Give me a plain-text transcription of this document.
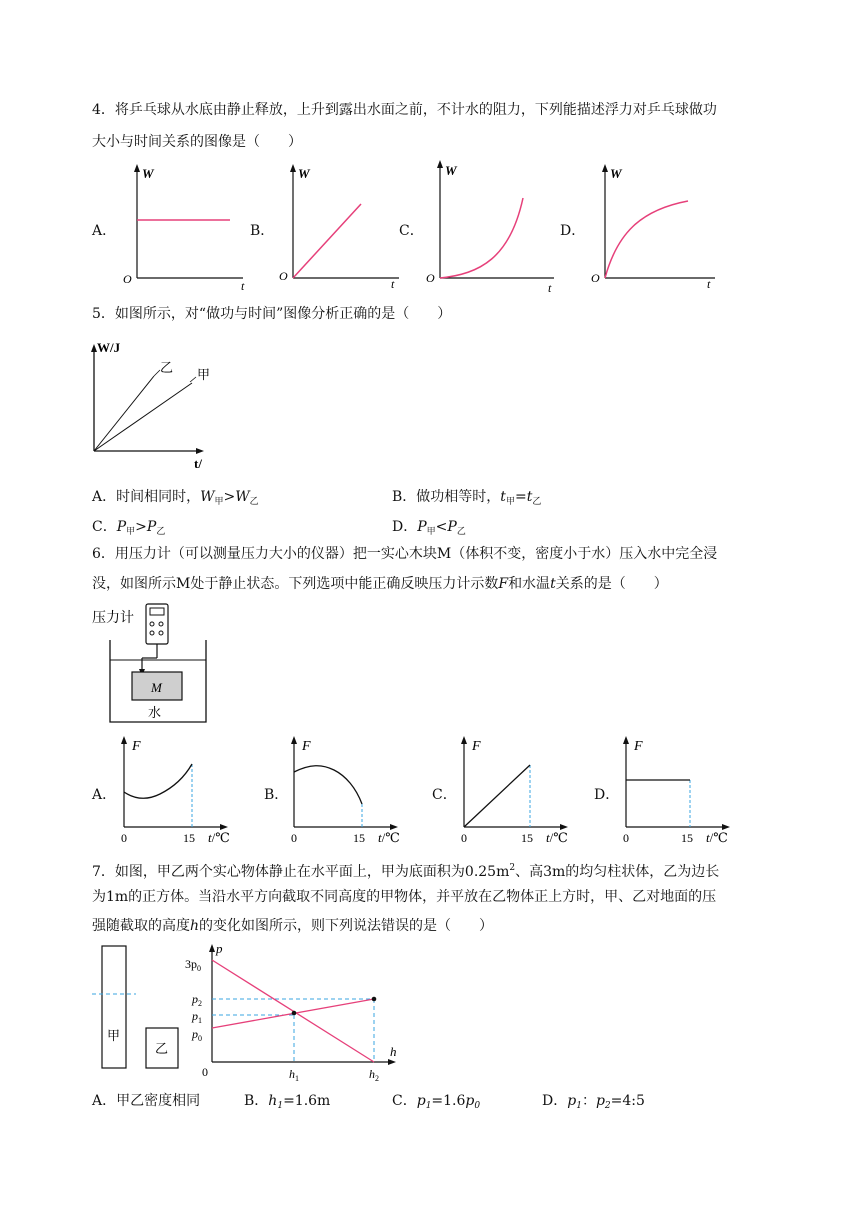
4．将乒乓球从水底由静止释放，上升到露出水面之前，不计水的阻力，下列能描述浮力对乒乓球做功
大小与时间关系的图像是（　　）
A．	B．	C．	D．
W
O	t
W
O
t
W
O
t
W
O	t
5．如图所示，对“做功与时间”图像分析正确的是（　　）
W/J
t/
乙 甲
A．时间相同时，$W_甲>W_乙$	B．做功相等时，$t_甲=t_乙$
C．$P_甲>P_乙$	D．$P_甲<P_乙$
6．用压力计（可以测量压力大小的仪器）把一实心木块M（体积不变，密度小于水）压入水中完全浸
没，如图所示M处于静止状态。下列选项中能正确反映压力计示数F和水温t关系的是（　　）
压力计
M
水
A．	B．	C．	D．
F
0	15 t/℃
F
0	15 t/℃
F
0	15 t/℃
F
0	15 t/℃
7．如图，甲乙两个实心物体静止在水平面上，甲为底面积为$0.25m^2$、高3m的均匀柱状体，乙为边长
为1m的正方体。当沿水平方向截取不同高度的甲物体，并平放在乙物体正上方时，甲、乙对地面的压
强随截取的高度h的变化如图所示，则下列说法错误的是（　　）
甲
乙
p
h
0
$3p_0$
$p_2$
$p_1$
$p_0$
$h_1$	$h_2$
A．甲乙密度相同	B．$h_1=1.6m$	C．$p_1=1.6p_0$	D．$p_1$：$p_2=4:5$
